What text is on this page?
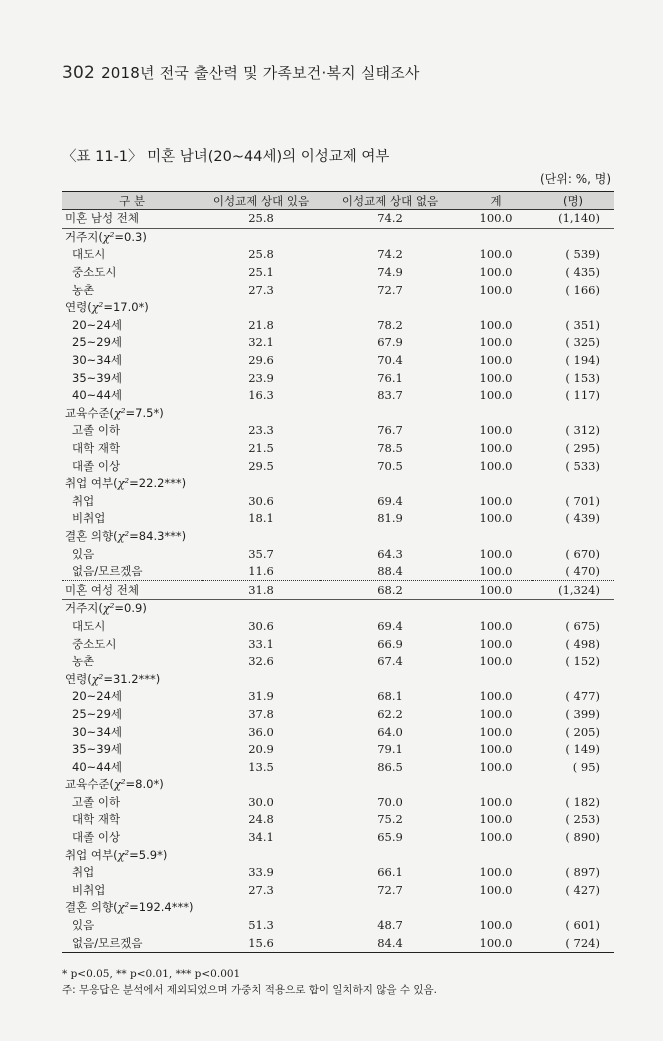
302 2018년 전국 출산력 및 가족보건·복지 실태조사
〈표 11-1〉 미혼 남녀(20~44세)의 이성교제 여부
(단위: %, 명)
구 분	이성교제 상대 있음	이성교제 상대 없음	계	(명)
미혼 남성 전체	25.8	74.2	100.0	(1,140)
거주지(χ²=0.3)				
대도시	25.8	74.2	100.0	( 539)
중소도시	25.1	74.9	100.0	( 435)
농촌	27.3	72.7	100.0	( 166)
연령(χ²=17.0*)				
20~24세	21.8	78.2	100.0	( 351)
25~29세	32.1	67.9	100.0	( 325)
30~34세	29.6	70.4	100.0	( 194)
35~39세	23.9	76.1	100.0	( 153)
40~44세	16.3	83.7	100.0	( 117)
교육수준(χ²=7.5*)				
고졸 이하	23.3	76.7	100.0	( 312)
대학 재학	21.5	78.5	100.0	( 295)
대졸 이상	29.5	70.5	100.0	( 533)
취업 여부(χ²=22.2***)				
취업	30.6	69.4	100.0	( 701)
비취업	18.1	81.9	100.0	( 439)
결혼 의향(χ²=84.3***)				
있음	35.7	64.3	100.0	( 670)
없음/모르겠음	11.6	88.4	100.0	( 470)
미혼 여성 전체	31.8	68.2	100.0	(1,324)
거주지(χ²=0.9)				
대도시	30.6	69.4	100.0	( 675)
중소도시	33.1	66.9	100.0	( 498)
농촌	32.6	67.4	100.0	( 152)
연령(χ²=31.2***)				
20~24세	31.9	68.1	100.0	( 477)
25~29세	37.8	62.2	100.0	( 399)
30~34세	36.0	64.0	100.0	( 205)
35~39세	20.9	79.1	100.0	( 149)
40~44세	13.5	86.5	100.0	( 95)
교육수준(χ²=8.0*)				
고졸 이하	30.0	70.0	100.0	( 182)
대학 재학	24.8	75.2	100.0	( 253)
대졸 이상	34.1	65.9	100.0	( 890)
취업 여부(χ²=5.9*)				
취업	33.9	66.1	100.0	( 897)
비취업	27.3	72.7	100.0	( 427)
결혼 의향(χ²=192.4***)				
있음	51.3	48.7	100.0	( 601)
없음/모르겠음	15.6	84.4	100.0	( 724)
* p<0.05, ** p<0.01, *** p<0.001
주: 무응답은 분석에서 제외되었으며 가중치 적용으로 합이 일치하지 않을 수 있음.
